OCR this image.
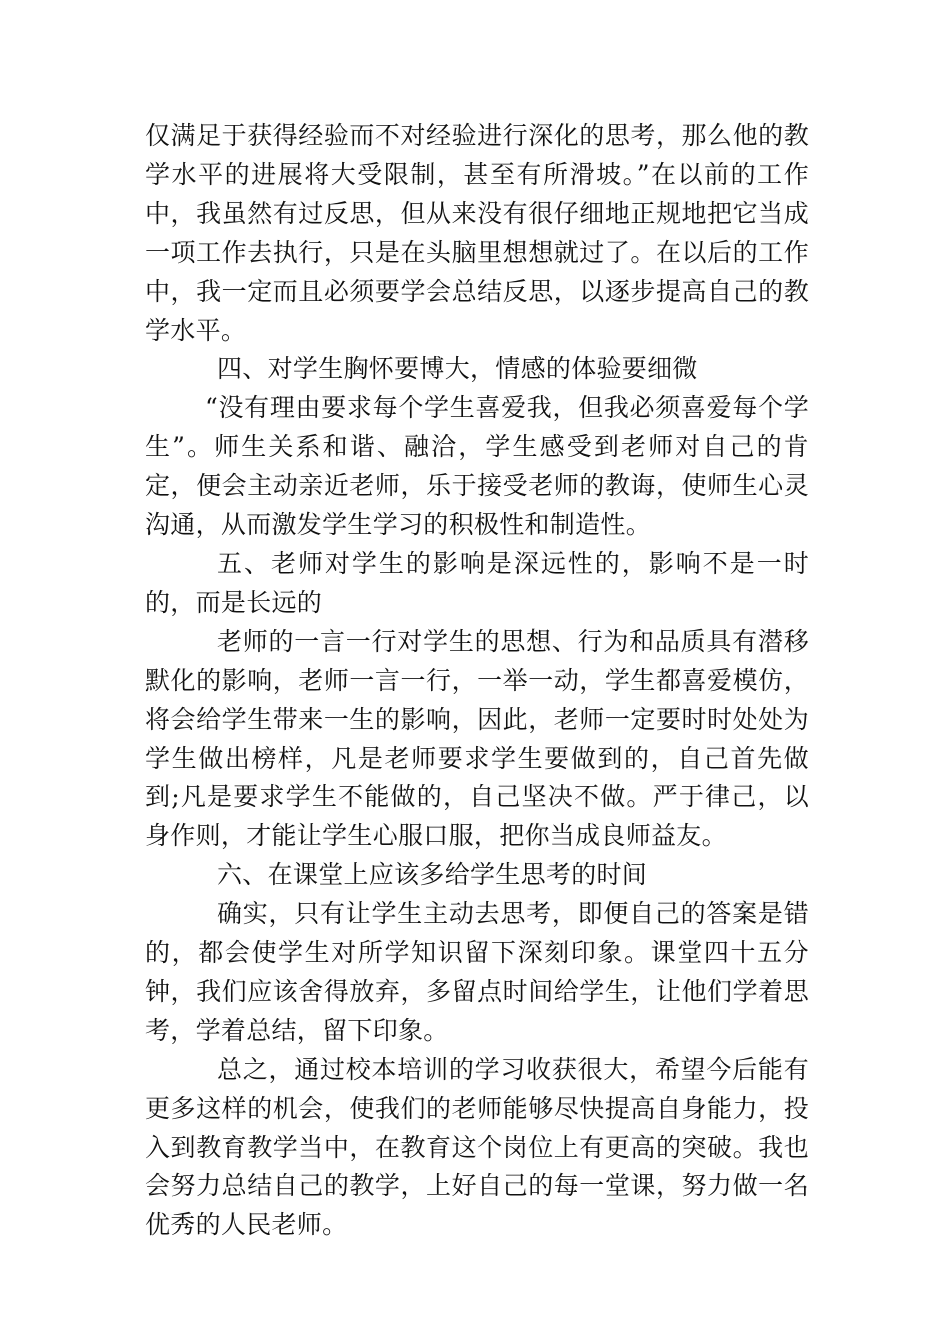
仅满足于获得经验而不对经验进行深化的思考，那么他的教学水平的进展将大受限制，甚至有所滑坡。”在以前的工作中，我虽然有过反思，但从来没有很仔细地正规地把它当成一项工作去执行，只是在头脑里想想就过了。在以后的工作中，我一定而且必须要学会总结反思，以逐步提高自己的教学水平。

四、对学生胸怀要博大，情感的体验要细微

“没有理由要求每个学生喜爱我，但我必须喜爱每个学生”。师生关系和谐、融洽，学生感受到老师对自己的肯定，便会主动亲近老师，乐于接受老师的教诲，使师生心灵沟通，从而激发学生学习的积极性和制造性。

五、老师对学生的影响是深远性的，影响不是一时的，而是长远的

老师的一言一行对学生的思想、行为和品质具有潜移默化的影响，老师一言一行，一举一动，学生都喜爱模仿，将会给学生带来一生的影响，因此，老师一定要时时处处为学生做出榜样，凡是老师要求学生要做到的，自己首先做到;凡是要求学生不能做的，自己坚决不做。严于律己，以身作则，才能让学生心服口服，把你当成良师益友。

六、在课堂上应该多给学生思考的时间

确实，只有让学生主动去思考，即便自己的答案是错的，都会使学生对所学知识留下深刻印象。课堂四十五分钟，我们应该舍得放弃，多留点时间给学生，让他们学着思考，学着总结，留下印象。

总之，通过校本培训的学习收获很大，希望今后能有更多这样的机会，使我们的老师能够尽快提高自身能力，投入到教育教学当中，在教育这个岗位上有更高的突破。我也会努力总结自己的教学，上好自己的每一堂课，努力做一名优秀的人民老师。
